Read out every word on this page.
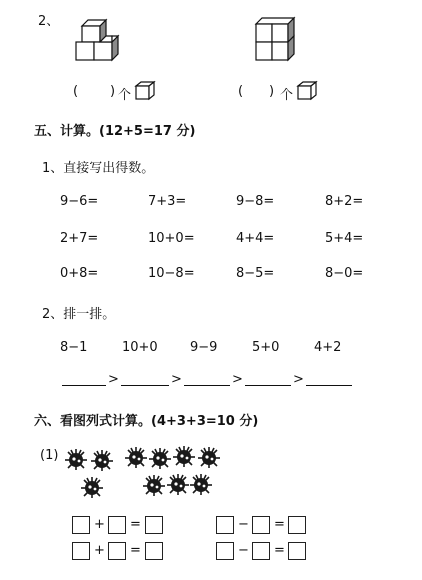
2、
( ) 个	( ) 个
五、计算。(12+5=17 分)
1、直接写出得数。
9−6=	7+3=	9−8=	8+2=
2+7=	10+0=	4+4=	5+4=
0+8=	10−8=	8−5=	8−0=
2、排一排。
8−1	10+0 9−9	5+0	4+2
>	>	>	>
六、看图列式计算。(4+3+3=10 分)
(1)
+ =	− =
+ =	− =
